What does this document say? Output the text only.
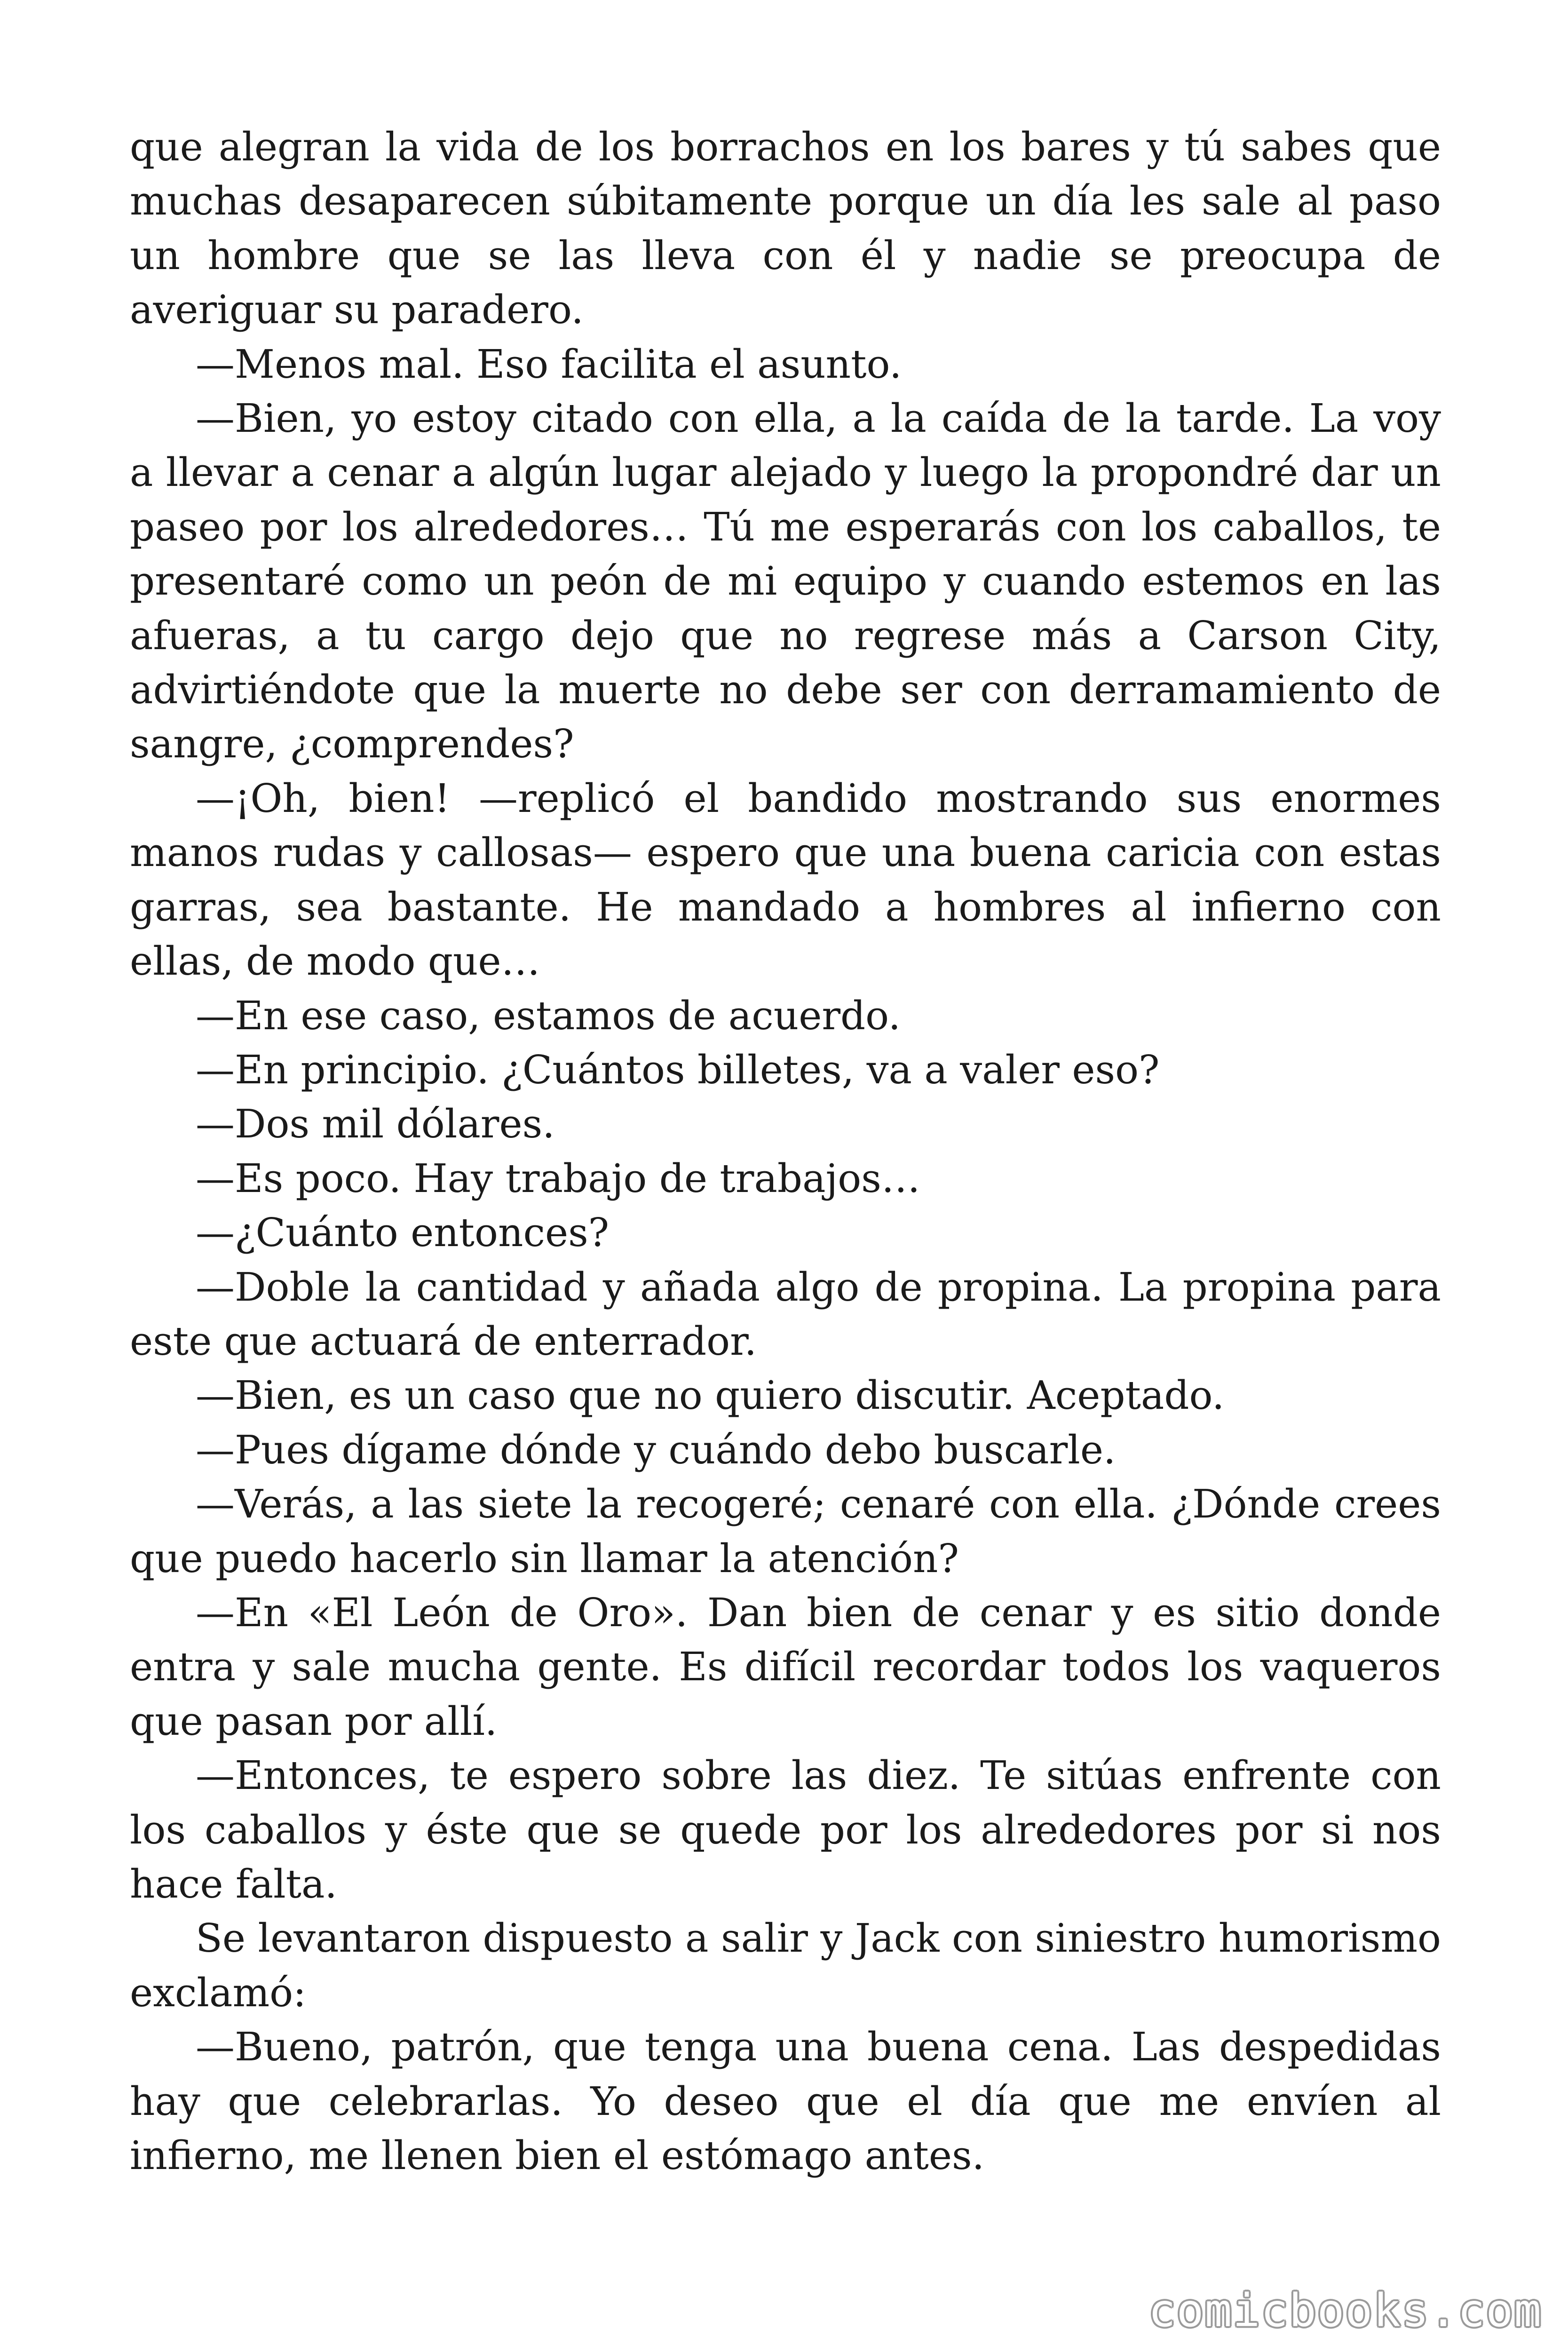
que alegran la vida de los borrachos en los bares y tú sabes que muchas desaparecen súbitamente porque un día les sale al paso un hombre que se las lleva con él y nadie se preocupa de averiguar su paradero.

—Menos mal. Eso facilita el asunto.

—Bien, yo estoy citado con ella, a la caída de la tarde. La voy a llevar a cenar a algún lugar alejado y luego la propondré dar un paseo por los alrededores… Tú me esperarás con los caballos, te presentaré como un peón de mi equipo y cuando estemos en las afueras, a tu cargo dejo que no regrese más a Carson City, advirtiéndote que la muerte no debe ser con derramamiento de sangre, ¿comprendes?

—¡Oh, bien! —replicó el bandido mostrando sus enormes manos rudas y callosas— espero que una buena caricia con estas garras, sea bastante. He mandado a hombres al infierno con ellas, de modo que…

—En ese caso, estamos de acuerdo.

—En principio. ¿Cuántos billetes, va a valer eso?

—Dos mil dólares.

—Es poco. Hay trabajo de trabajos…

—¿Cuánto entonces?

—Doble la cantidad y añada algo de propina. La propina para este que actuará de enterrador.

—Bien, es un caso que no quiero discutir. Aceptado.

—Pues dígame dónde y cuándo debo buscarle.

—Verás, a las siete la recogeré; cenaré con ella. ¿Dónde crees que puedo hacerlo sin llamar la atención?

—En «El León de Oro». Dan bien de cenar y es sitio donde entra y sale mucha gente. Es difícil recordar todos los vaqueros que pasan por allí.

—Entonces, te espero sobre las diez. Te sitúas enfrente con los caballos y éste que se quede por los alrededores por si nos hace falta.

Se levantaron dispuesto a salir y Jack con siniestro humorismo exclamó:

—Bueno, patrón, que tenga una buena cena. Las despedidas hay que celebrarlas. Yo deseo que el día que me envíen al infierno, me llenen bien el estómago antes.

comicbooks.com
